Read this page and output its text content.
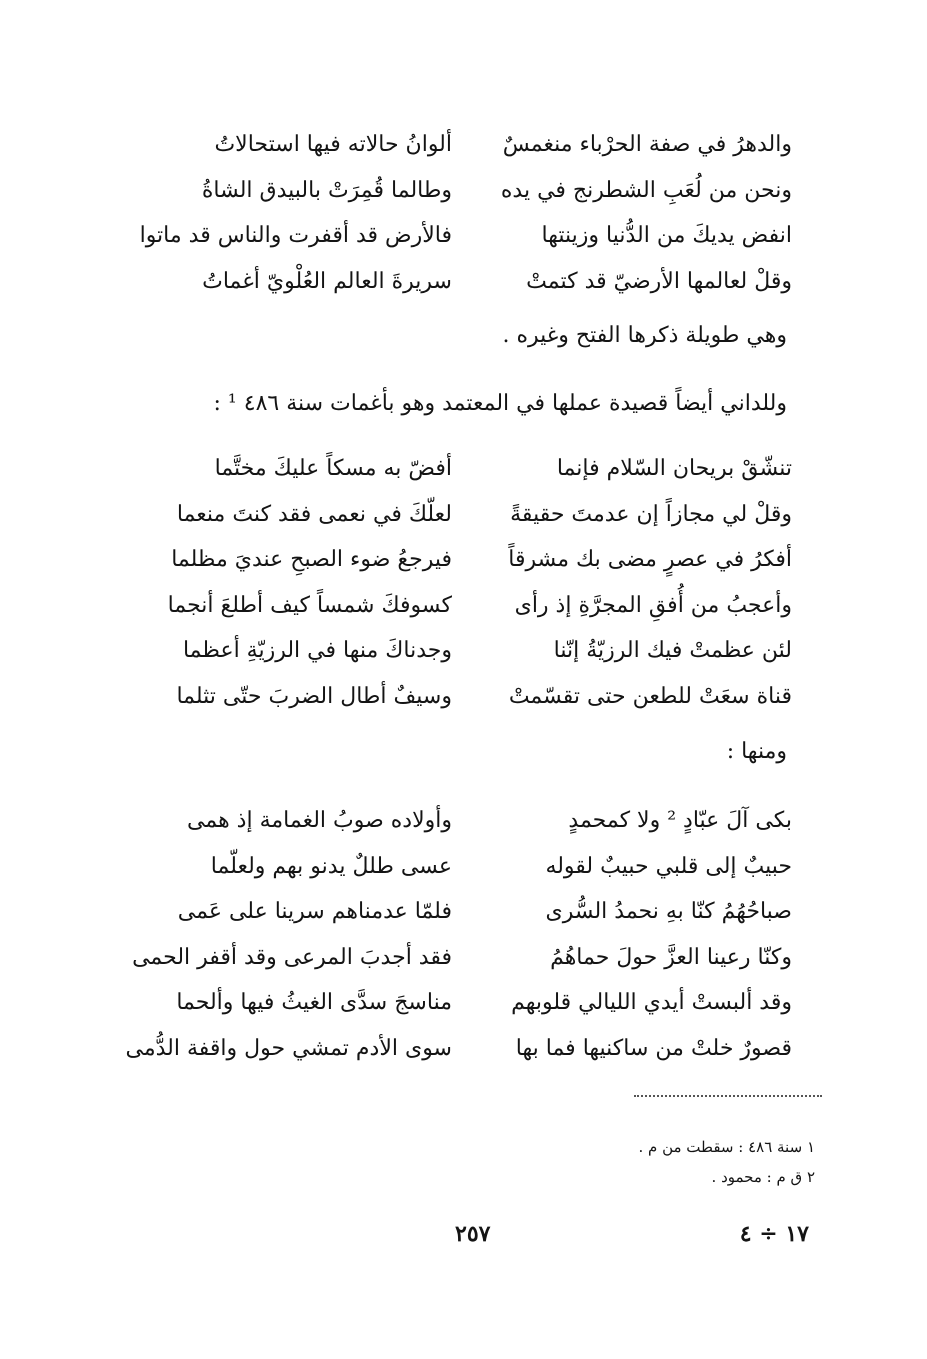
والدهرُ في صفة الحرْباء منغمسٌ
ألوانُ حالاته فيها استحالاتُ
ونحن من لُعَبِ الشطرنج في يده
وطالما قُمِرَتْ بالبيدق الشاةُ
انفض يديكَ من الدُّنيا وزينتها
فالأرض قد أقفرت والناس قد ماتوا
وقلْ لعالمها الأرضيّ قد كتمتْ
سريرةَ العالم العُلْويّ أغماتُ
وهي طويلة ذكرها الفتح وغيره .
وللداني أيضاً قصيدة عملها في المعتمد وهو بأغمات سنة ٤٨٦ ¹ :
تنشّقْ بريحان السّلام فإنما
أفضّ به مسكاً عليكَ مختَّما
وقلْ لي مجازاً إن عدمتَ حقيقةً
لعلّكَ في نعمى فقد كنتَ منعما
أفكرُ في عصرٍ مضى بك مشرقاً
فيرجعُ ضوء الصبحِ عنديَ مظلما
وأعجبُ من أُفقِ المجرَّةِ إذ رأى
كسوفكَ شمساً كيف أطلعَ أنجما
لئن عظمتْ فيك الرزيّةُ إنّنا
وجدناكَ منها في الرزيّةِ أعظما
قناة سعَتْ للطعن حتى تقسّمتْ
وسيفٌ أطال الضربَ حتّى تثلما
ومنها :
بكى آلَ عبّادٍ ² ولا كمحمدٍ
وأولاده صوبُ الغمامة إذ همى
حبيبٌ إلى قلبي حبيبٌ لقوله
عسى طللٌ يدنو بهم ولعلّما
صباحُهُمُ كنّا بهِ نحمدُ السُّرى
فلمّا عدمناهم سرينا على عَمى
وكنّا رعينا العزَّ حولَ حماهُمُ
فقد أجدبَ المرعى وقد أقفر الحمى
وقد ألبستْ أيدي الليالي قلوبهم
مناسجَ سدَّى الغيثُ فيها وألحما
قصورٌ خلتْ من ساكنيها فما بها
سوى الأدم تمشي حول واقفة الدُّمى
١ سنة ٤٨٦ : سقطت من م .
٢ ق م : محمود .
٢٥٧	١٧ ÷ ٤
